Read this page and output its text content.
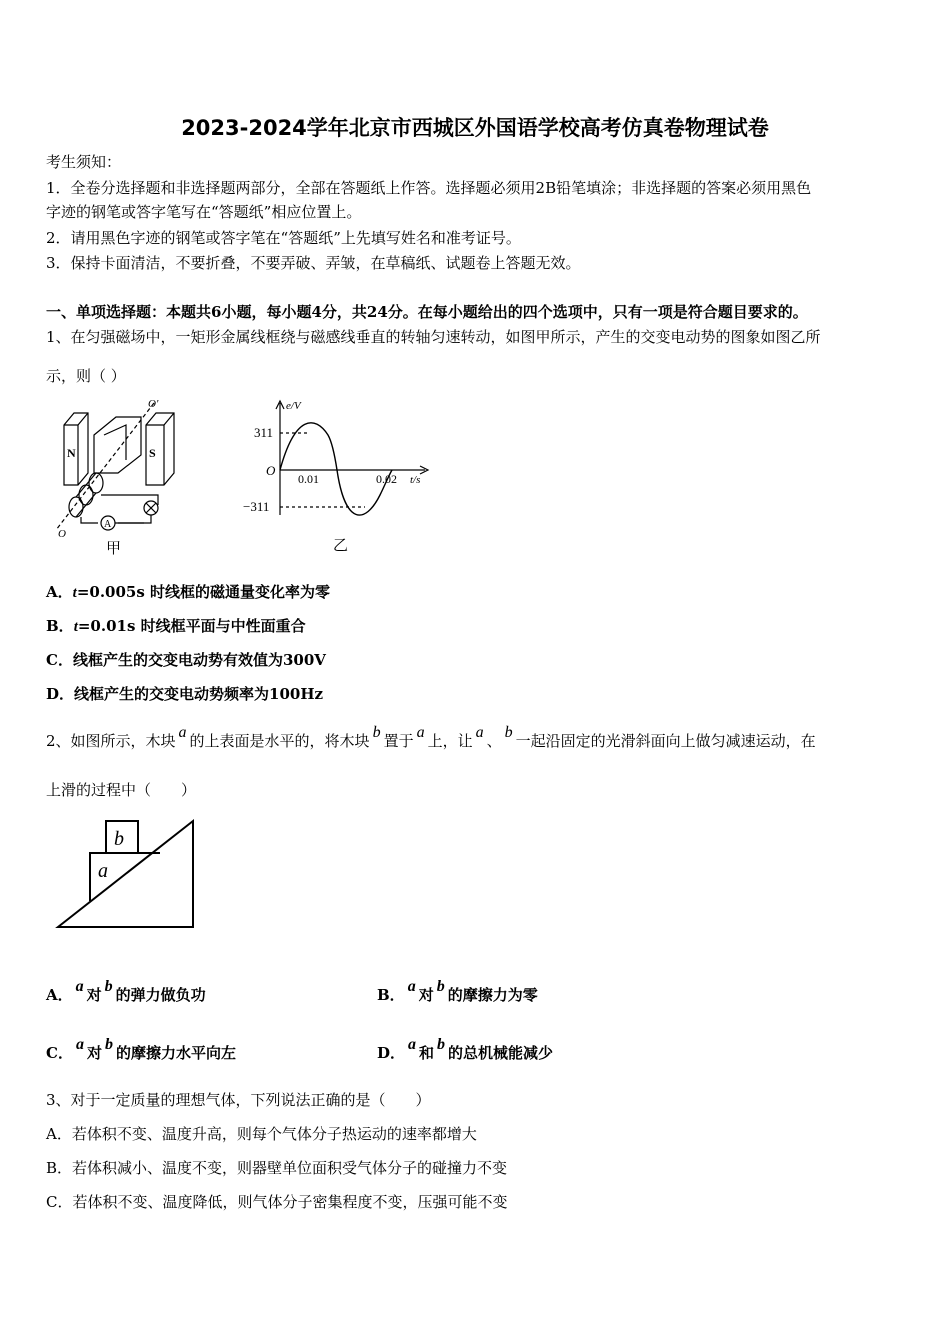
2023-2024学年北京市西城区外国语学校高考仿真卷物理试卷
考生须知：
1．全卷分选择题和非选择题两部分，全部在答题纸上作答。选择题必须用2B铅笔填涂；非选择题的答案必须用黑色
字迹的钢笔或答字笔写在“答题纸”相应位置上。
2．请用黑色字迹的钢笔或答字笔在“答题纸”上先填写姓名和准考证号。
3．保持卡面清洁，不要折叠，不要弄破、弄皱，在草稿纸、试题卷上答题无效。
一、单项选择题：本题共6小题，每小题4分，共24分。在每小题给出的四个选项中，只有一项是符合题目要求的。
1、在匀强磁场中，一矩形金属线框绕与磁感线垂直的转轴匀速转动，如图甲所示，产生的交变电动势的图象如图乙所
示，则（ ）
N	S
A
O'
O
甲
e/V
311
O
0.01	0.02 t/s
−311
乙
A．t=0.005s 时线框的磁通量变化率为零
B．t=0.01s 时线框平面与中性面重合
C．线框产生的交变电动势有效值为300V
D．线框产生的交变电动势频率为100Hz
2、如图所示，木块 a 的上表面是水平的，将木块 b 置于 a 上，让 a 、 b 一起沿固定的光滑斜面向上做匀减速运动，在
上滑的过程中（　　）
b
a
A． a 对 b 的弹力做负功	B． a 对 b 的摩擦力为零
C． a 对 b 的摩擦力水平向左	D． a 和 b 的总机械能减少
3、对于一定质量的理想气体，下列说法正确的是（　　）
A．若体积不变、温度升高，则每个气体分子热运动的速率都增大
B．若体积减小、温度不变，则器壁单位面积受气体分子的碰撞力不变
C．若体积不变、温度降低，则气体分子密集程度不变，压强可能不变
